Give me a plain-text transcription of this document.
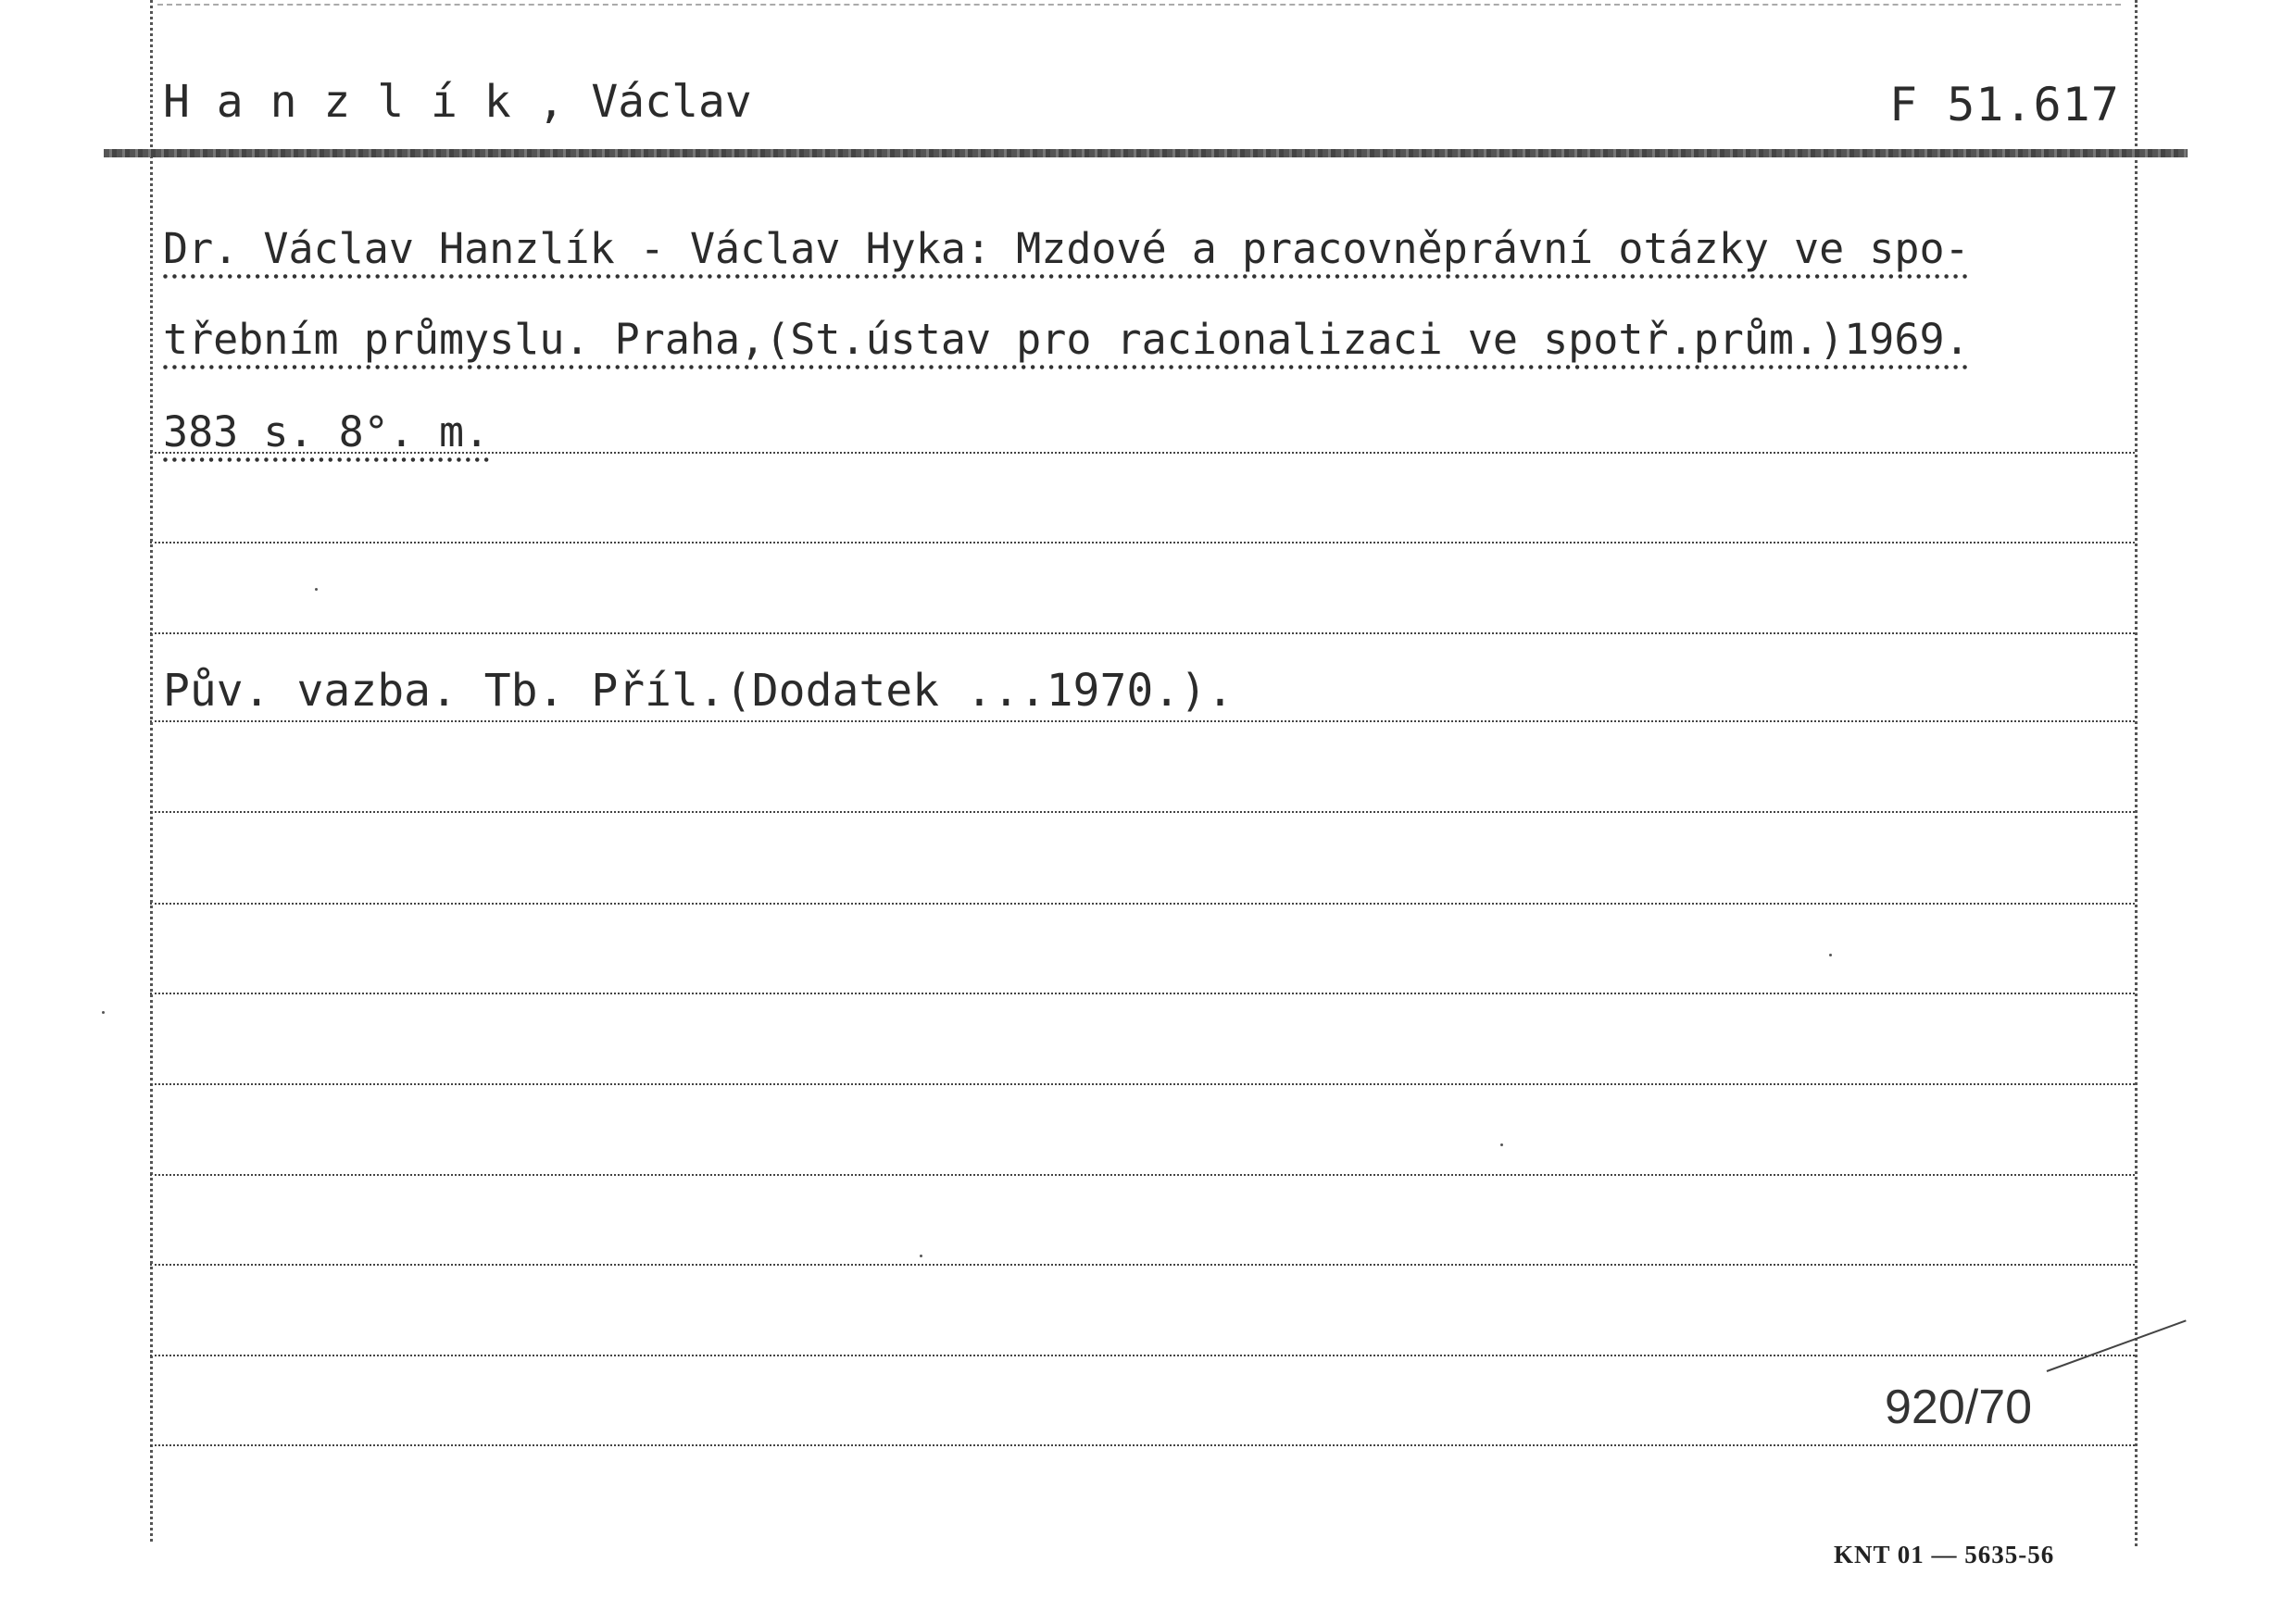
H a n z l í k , Václav	F 51.617
Dr. Václav Hanzlík - Václav Hyka: Mzdové a pracovněprávní otázky ve spo-
třebním průmyslu. Praha,(St.ústav pro racionalizaci ve spotř.prům.)1969.
383 s. 8°. m.
Pův. vazba. Tb. Příl.(Dodatek ...1970.).
920/70
KNT 01 — 5635-56
